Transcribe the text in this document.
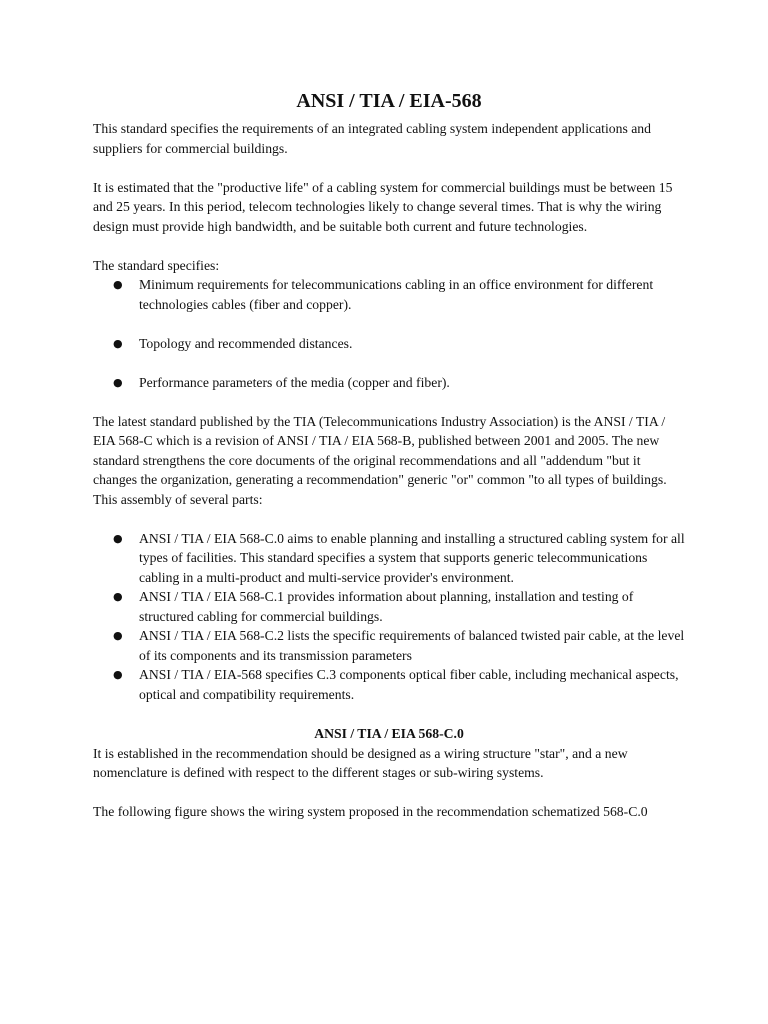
ANSI / TIA / EIA-568

This standard specifies the requirements of an integrated cabling system independent applications and suppliers for commercial buildings.

It is estimated that the "productive life" of a cabling system for commercial buildings must be between 15 and 25 years. In this period, telecom technologies likely to change several times. That is why the wiring design must provide high bandwidth, and be suitable both current and future technologies.

The standard specifies:

● Minimum requirements for telecommunications cabling in an office environment for different technologies cables (fiber and copper).
● Topology and recommended distances.
● Performance parameters of the media (copper and fiber).

The latest standard published by the TIA (Telecommunications Industry Association) is the ANSI / TIA / EIA 568-C which is a revision of ANSI / TIA / EIA 568-B, published between 2001 and 2005. The new standard strengthens the core documents of the original recommendations and all "addendum "but it changes the organization, generating a recommendation" generic "or" common "to all types of buildings. This assembly of several parts:

● ANSI / TIA / EIA 568-C.0 aims to enable planning and installing a structured cabling system for all types of facilities. This standard specifies a system that supports generic telecommunications cabling in a multi-product and multi-service provider's environment.
● ANSI / TIA / EIA 568-C.1 provides information about planning, installation and testing of structured cabling for commercial buildings.
● ANSI / TIA / EIA 568-C.2 lists the specific requirements of balanced twisted pair cable, at the level of its components and its transmission parameters
● ANSI / TIA / EIA-568 specifies C.3 components optical fiber cable, including mechanical aspects, optical and compatibility requirements.
ANSI / TIA / EIA 568-C.0

It is established in the recommendation should be designed as a wiring structure "star", and a new nomenclature is defined with respect to the different stages or sub-wiring systems.

The following figure shows the wiring system proposed in the recommendation schematized 568-C.0
